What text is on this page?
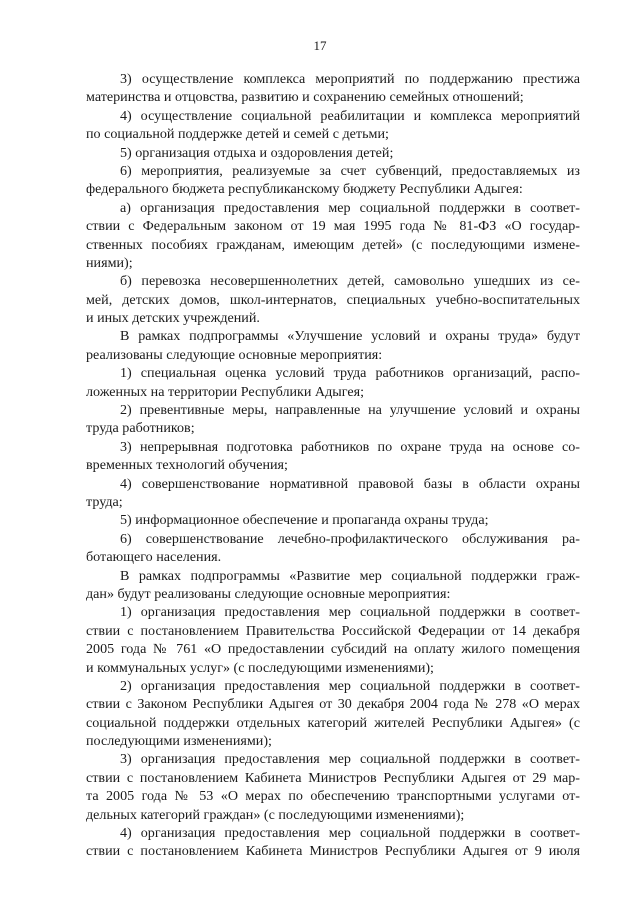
17
3) осуществление комплекса мероприятий по поддержанию престижа
материнства и отцовства, развитию и сохранению семейных отношений;
4) осуществление социальной реабилитации и комплекса мероприятий
по социальной поддержке детей и семей с детьми;
5) организация отдыха и оздоровления детей;
6) мероприятия, реализуемые за счет субвенций, предоставляемых из
федерального бюджета республиканскому бюджету Республики Адыгея:
а) организация предоставления мер социальной поддержки в соответ-
ствии с Федеральным законом от 19 мая 1995 года № 81-ФЗ «О государ-
ственных пособиях гражданам, имеющим детей» (с последующими измене-
ниями);
б) перевозка несовершеннолетних детей, самовольно ушедших из се-
мей, детских домов, школ-интернатов, специальных учебно-воспитательных
и иных детских учреждений.
В рамках подпрограммы «Улучшение условий и охраны труда» будут
реализованы следующие основные мероприятия:
1) специальная оценка условий труда работников организаций, распо-
ложенных на территории Республики Адыгея;
2) превентивные меры, направленные на улучшение условий и охраны
труда работников;
3) непрерывная подготовка работников по охране труда на основе со-
временных технологий обучения;
4) совершенствование нормативной правовой базы в области охраны
труда;
5) информационное обеспечение и пропаганда охраны труда;
6) совершенствование лечебно-профилактического обслуживания ра-
ботающего населения.
В рамках подпрограммы «Развитие мер социальной поддержки граж-
дан» будут реализованы следующие основные мероприятия:
1) организация предоставления мер социальной поддержки в соответ-
ствии с постановлением Правительства Российской Федерации от 14 декабря
2005 года № 761 «О предоставлении субсидий на оплату жилого помещения
и коммунальных услуг» (с последующими изменениями);
2) организация предоставления мер социальной поддержки в соответ-
ствии с Законом Республики Адыгея от 30 декабря 2004 года № 278 «О мерах
социальной поддержки отдельных категорий жителей Республики Адыгея» (с
последующими изменениями);
3) организация предоставления мер социальной поддержки в соответ-
ствии с постановлением Кабинета Министров Республики Адыгея от 29 мар-
та 2005 года № 53 «О мерах по обеспечению транспортными услугами от-
дельных категорий граждан» (с последующими изменениями);
4) организация предоставления мер социальной поддержки в соответ-
ствии с постановлением Кабинета Министров Республики Адыгея от 9 июля
